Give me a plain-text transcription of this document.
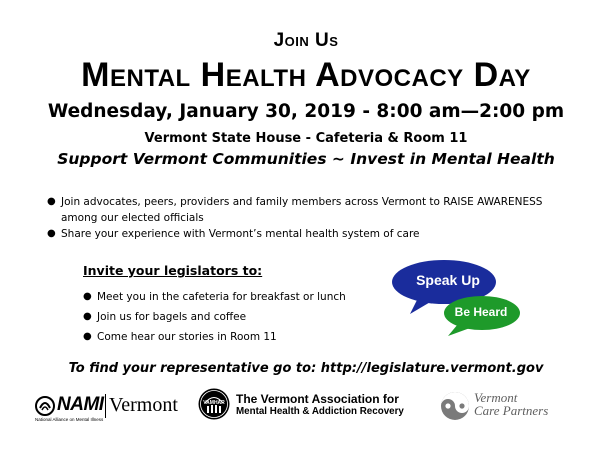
Join Us
Mental Health Advocacy Day
Wednesday, January 30, 2019 - 8:00 am—2:00 pm
Vermont State House - Cafeteria & Room 11
Support Vermont Communities ~ Invest in Mental Health
● Join advocates, peers, providers and family members across Vermont to RAISE AWARENESS among our elected officials
● Share your experience with Vermont’s mental health system of care
Invite your legislators to:
● Meet you in the cafeteria for breakfast or lunch
● Join us for bagels and coffee
● Come hear our stories in Room 11
Speak Up
Be Heard
To find your representative go to: http://legislature.vermont.gov
NAMI
National Alliance on Mental Illness
Vermont	VAMHAR The Vermont Association for
Mental Health & Addiction Recovery
Vermont
Care Partners
